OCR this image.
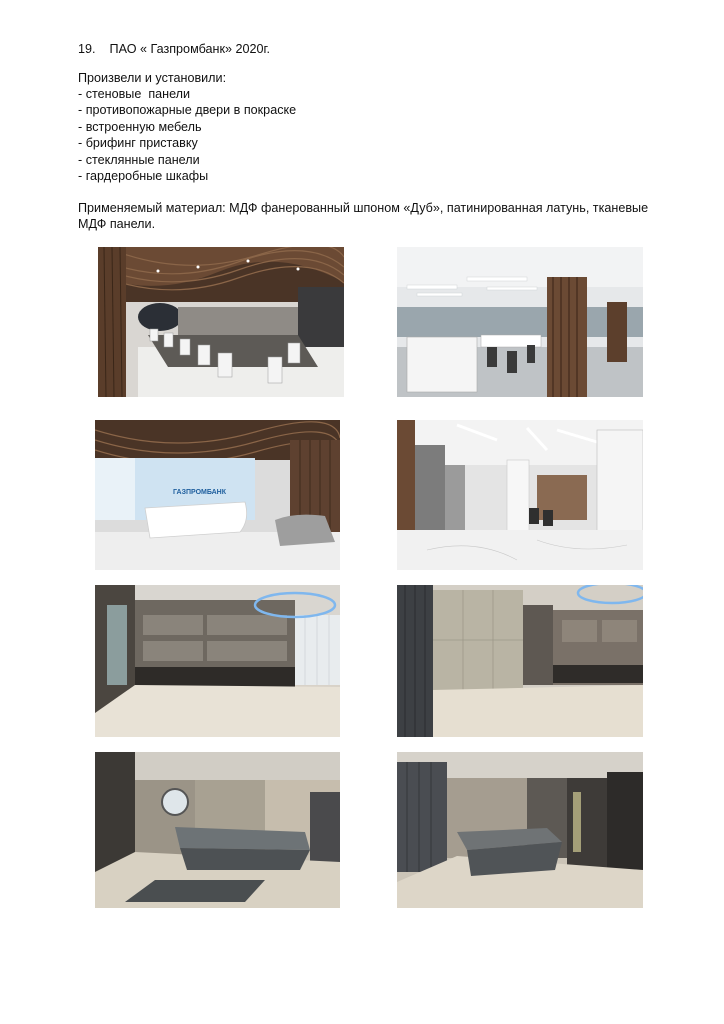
19. ПАО « Газпромбанк» 2020г.
Произвели и установили:
- стеновые  панели
- противопожарные двери в покраске
- встроенную мебель
- брифинг приставку
- стеклянные панели
- гардеробные шкафы
Применяемый материал: МДФ фанерованный шпоном «Дуб», патинированная латунь, тканевые МДФ панели.
ГАЗПРОМБАНК
